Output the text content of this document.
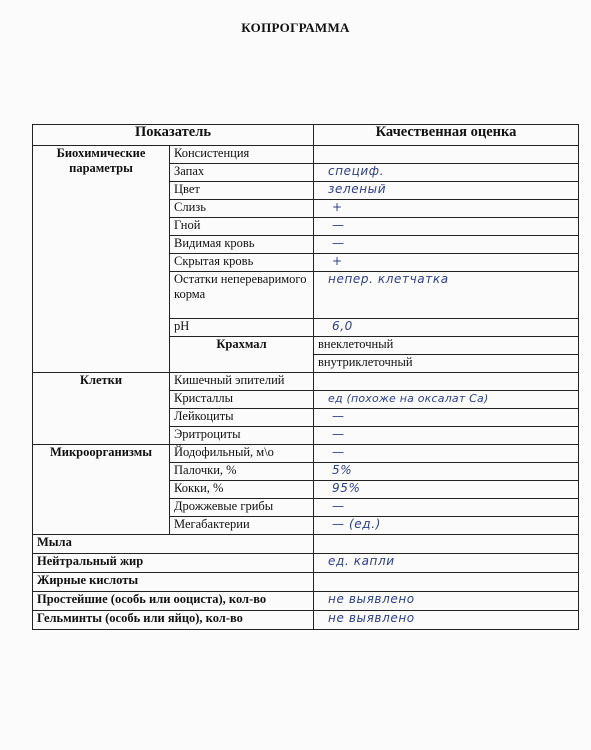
КОПРОГРАММА
Показатель		Качественная оценка	
Биохимические параметры	Консистенция		
	Запах	специф.	
	Цвет	зеленый	
	Слизь	+	
	Гной	—	
	Видимая кровь	—	
	Скрытая кровь	+	
	Остатки непереваримого корма	непер. клетчатка	
	pH	6,0	
	Крахмал	внеклеточный	
		внутриклеточный	
Клетки	Кишечный эпителий		
	Кристаллы	ед (похоже на оксалат Ca)	
	Лейкоциты	—	
	Эритроциты	—	
Микроорганизмы	Йодофильный, м\о	—	
	Палочки, %	5%	
	Кокки, %	95%	
	Дрожжевые грибы	—	
	Мегабактерии	— (ед.)	
Мыла			
Нейтральный жир		ед. капли	
Жирные кислоты			
Простейшие (особь или ооциста), кол-во		не выявлено	
Гельминты (особь или яйцо), кол-во		не выявлено	
